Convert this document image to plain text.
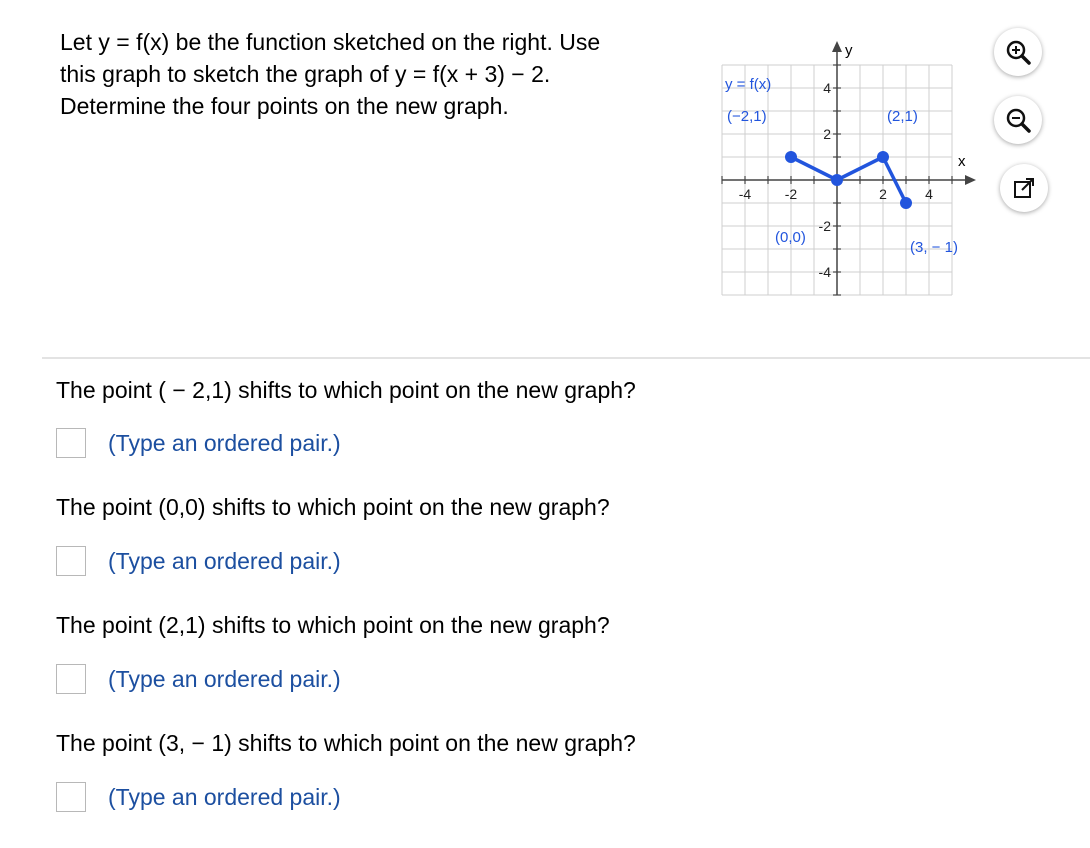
Let y = f(x) be the function sketched on the right. Use
this graph to sketch the graph of y = f(x + 3) − 2.
Determine the four points on the new graph.
x
y
-4 -2	2	4
4
2
-2
-4
(−2,1)
(0,0)
(2,1)
(3, − 1)
y = f(x)
The point ( − 2,1) shifts to which point on the new graph?
(Type an ordered pair.)
The point (0,0) shifts to which point on the new graph?
(Type an ordered pair.)
The point (2,1) shifts to which point on the new graph?
(Type an ordered pair.)
The point (3, − 1) shifts to which point on the new graph?
(Type an ordered pair.)
